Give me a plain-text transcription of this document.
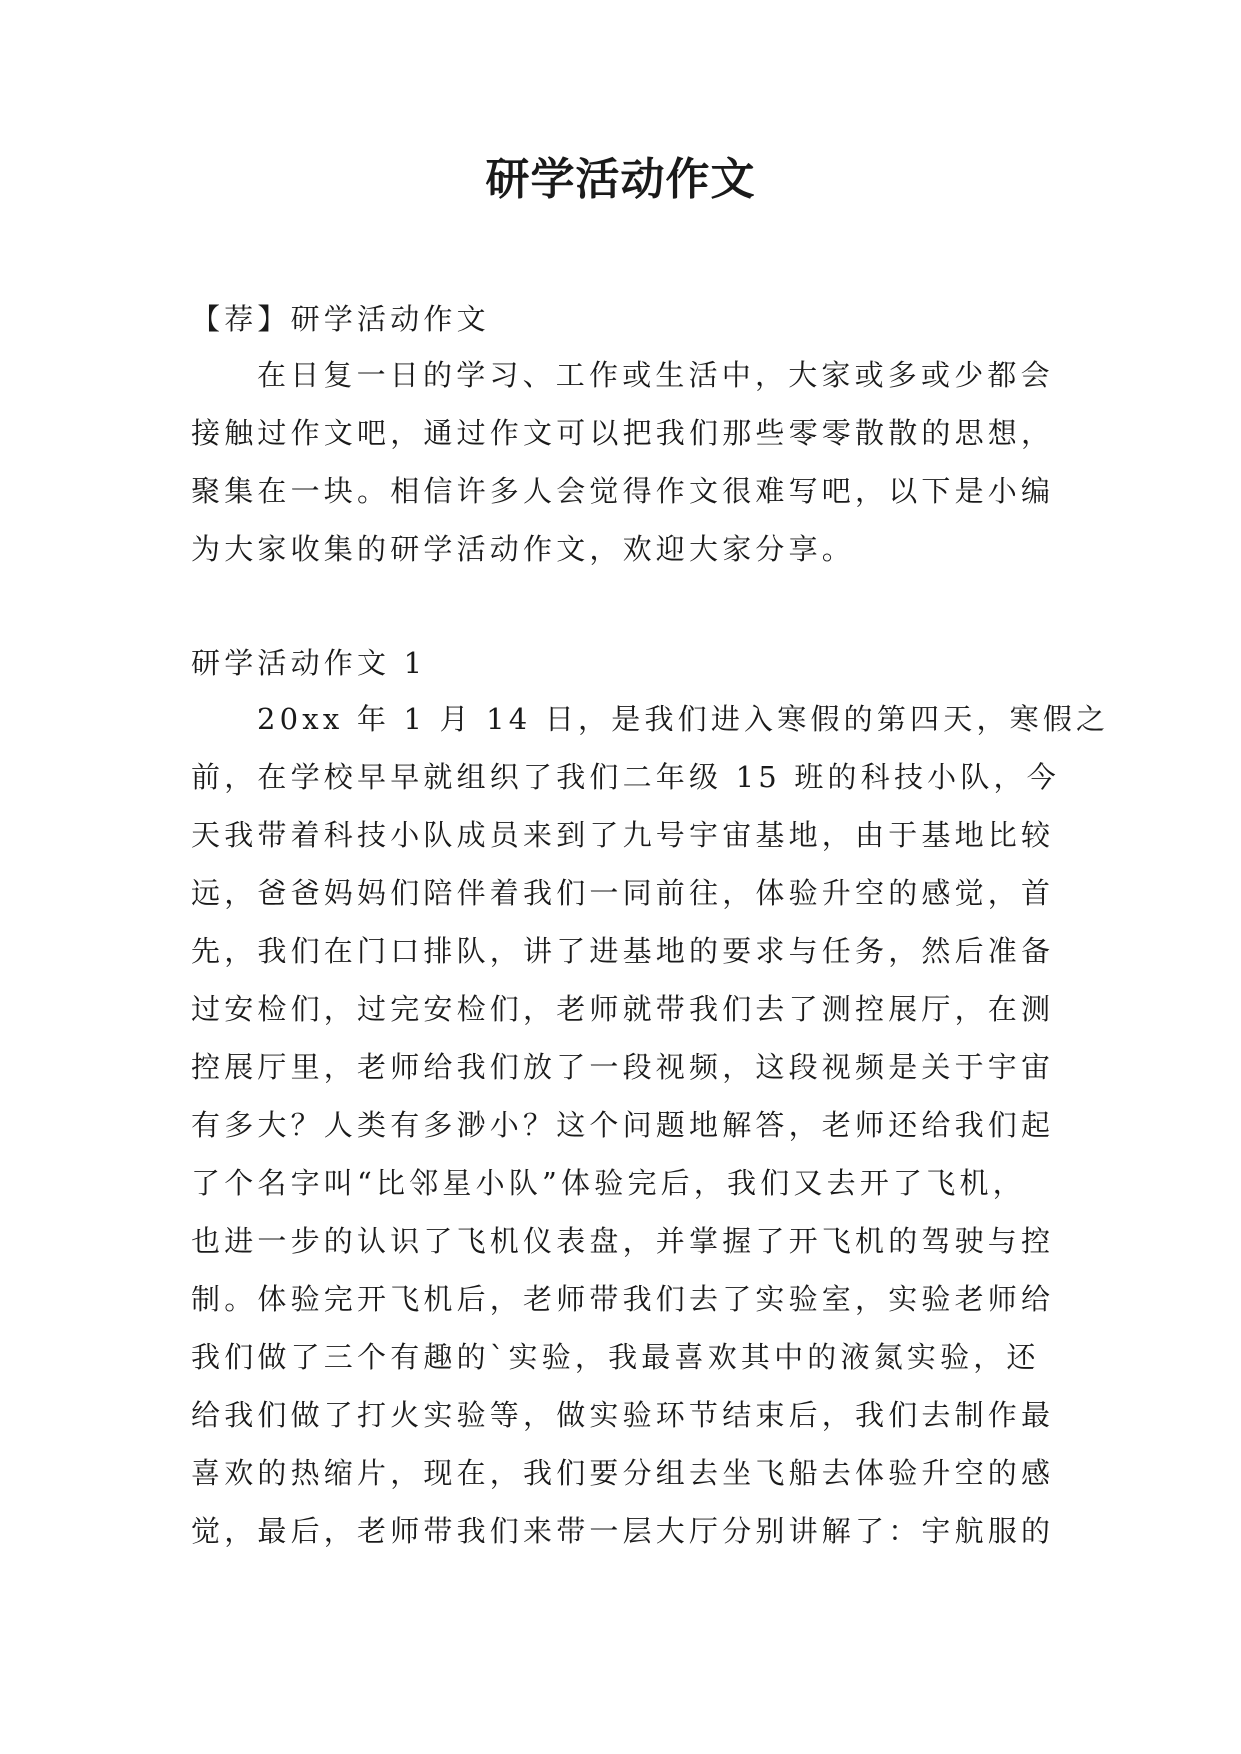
研学活动作文
【荐】研学活动作文
在日复一日的学习、工作或生活中，大家或多或少都会
接触过作文吧，通过作文可以把我们那些零零散散的思想，
聚集在一块。相信许多人会觉得作文很难写吧，以下是小编
为大家收集的研学活动作文，欢迎大家分享。
研学活动作文 1
20xx 年 1 月 14 日，是我们进入寒假的第四天，寒假之
前，在学校早早就组织了我们二年级 15 班的科技小队，今
天我带着科技小队成员来到了九号宇宙基地，由于基地比较
远，爸爸妈妈们陪伴着我们一同前往，体验升空的感觉，首
先，我们在门口排队，讲了进基地的要求与任务，然后准备
过安检们，过完安检们，老师就带我们去了测控展厅，在测
控展厅里，老师给我们放了一段视频，这段视频是关于宇宙
有多大？人类有多渺小？这个问题地解答，老师还给我们起
了个名字叫“比邻星小队”体验完后，我们又去开了飞机，
也进一步的认识了飞机仪表盘，并掌握了开飞机的驾驶与控
制。体验完开飞机后，老师带我们去了实验室，实验老师给
我们做了三个有趣的`实验，我最喜欢其中的液氮实验，还
给我们做了打火实验等，做实验环节结束后，我们去制作最
喜欢的热缩片，现在，我们要分组去坐飞船去体验升空的感
觉，最后，老师带我们来带一层大厅分别讲解了：宇航服的
